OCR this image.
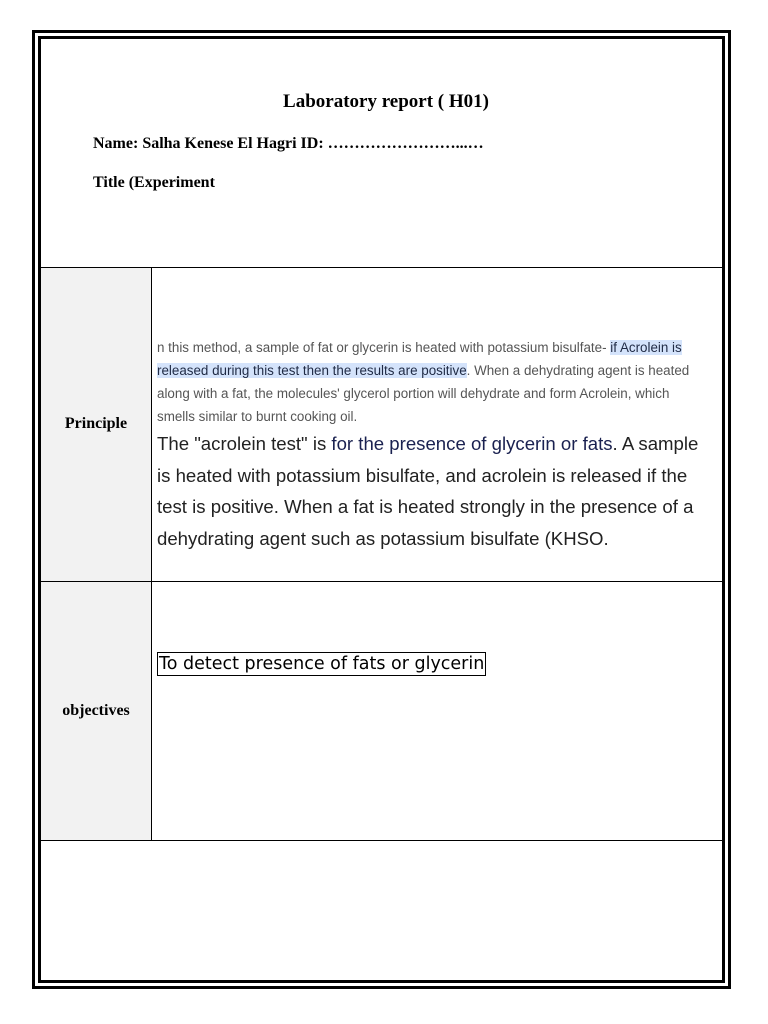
Laboratory report ( H01)
Name: Salha Kenese El Hagri ID: ……………………...…
Title (Experiment
Principle
n this method, a sample of fat or glycerin is heated with potassium bisulfate- if Acrolein is
released during this test then the results are positive. When a dehydrating agent is heated
along with a fat, the molecules' glycerol portion will dehydrate and form Acrolein, which
smells similar to burnt cooking oil.
The "acrolein test" is for the presence of glycerin or fats. A sample
is heated with potassium bisulfate, and acrolein is released if the
test is positive. When a fat is heated strongly in the presence of a
dehydrating agent such as potassium bisulfate (KHSO.
objectives
To detect presence of fats or glycerin
